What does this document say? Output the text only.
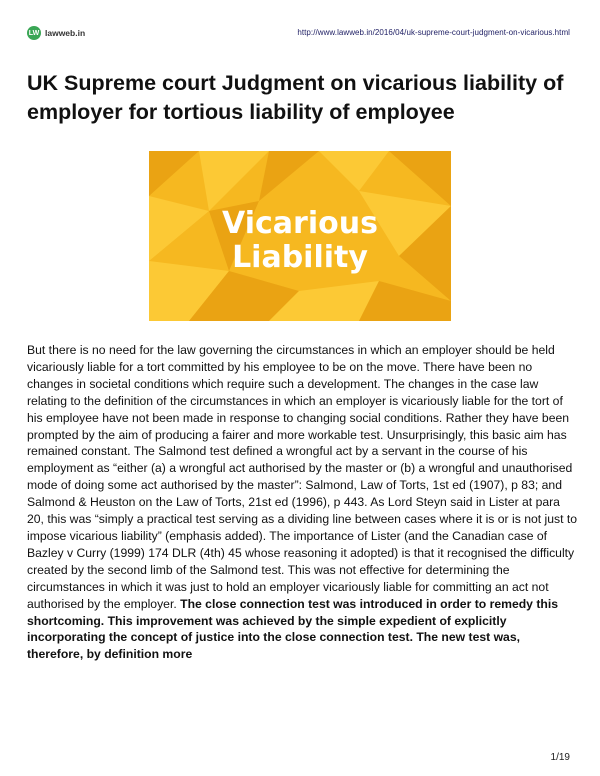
LW lawweb.in	http://www.lawweb.in/2016/04/uk-supreme-court-judgment-on-vicarious.html
UK Supreme court Judgment on vicarious liability of employer for tortious liability of employee
Vicarious
Liability

But there is no need for the law governing the circumstances in which an employer should be held vicariously liable for a tort committed by his employee to be on the move. There have been no changes in societal conditions which require such a development. The changes in the case law relating to the definition of the circumstances in which an employer is vicariously liable for the tort of his employee have not been made in response to changing social conditions. Rather they have been prompted by the aim of producing a fairer and more workable test. Unsurprisingly, this basic aim has remained constant. The Salmond test defined a wrongful act by a servant in the course of his employment as “either (a) a wrongful act authorised by the master or (b) a wrongful and unauthorised mode of doing some act authorised by the master”: Salmond, Law of Torts, 1st ed (1907), p 83; and Salmond & Heuston on the Law of Torts, 21st ed (1996), p 443. As Lord Steyn said in Lister at para 20, this was “simply a practical test serving as a dividing line between cases where it is or is not just to impose vicarious liability” (emphasis added). The importance of Lister (and the Canadian case of Bazley v Curry (1999) 174 DLR (4th) 45 whose reasoning it adopted) is that it recognised the difficulty created by the second limb of the Salmond test. This was not effective for determining the circumstances in which it was just to hold an employer vicariously liable for committing an act not authorised by the employer. The close connection test was introduced in order to remedy this shortcoming. This improvement was achieved by the simple expedient of explicitly incorporating the concept of justice into the close connection test. The new test was, therefore, by definition more

1/19
